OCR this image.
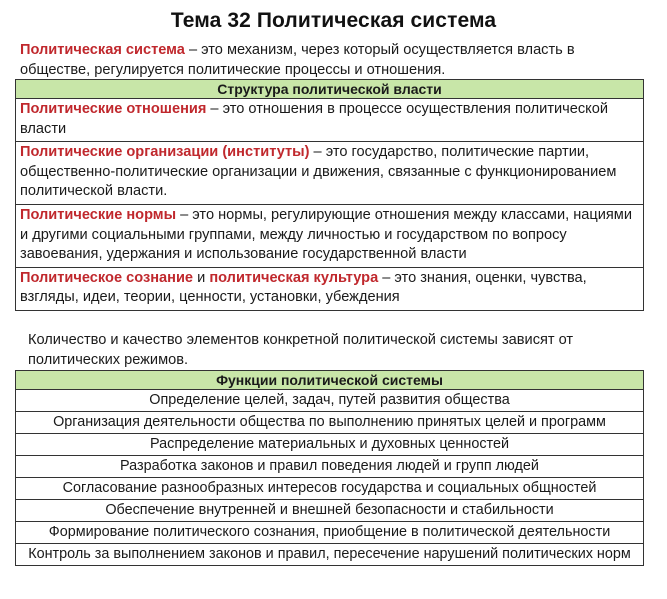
Тема 32 Политическая система
Политическая система – это механизм, через который осуществляется власть в обществе, регулируется политические процессы и отношения.
Структура политической власти
Политические отношения – это отношения в процессе осуществления политической власти
Политические организации (институты) – это государство, политические партии, общественно-политические организации и движения, связанные с функционированием политической власти.
Политические нормы – это нормы, регулирующие отношения между классами, нациями и другими социальными группами, между личностью и государством по вопросу завоевания, удержания и использование государственной власти
Политическое сознание и политическая культура – это знания, оценки, чувства, взгляды, идеи, теории, ценности, установки, убеждения
Количество и качество элементов конкретной политической системы зависят от политических режимов.
Функции политической системы
Определение целей, задач, путей развития общества
Организация деятельности общества по выполнению принятых целей и программ
Распределение материальных и духовных ценностей
Разработка законов и правил поведения людей и групп людей
Согласование разнообразных интересов государства и социальных общностей
Обеспечение внутренней и внешней безопасности и стабильности
Формирование политического сознания, приобщение в политической деятельности
Контроль за выполнением законов и правил, пересечение нарушений политических норм
